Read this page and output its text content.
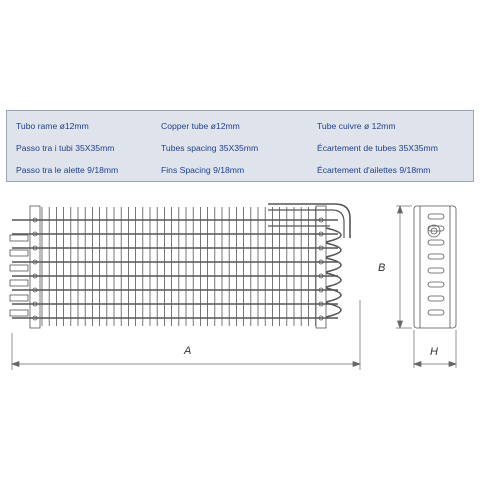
Tubo rame ø12mm	Copper tube ø12mm	Tube cuivre ø 12mm
Passo tra i tubi 35X35mm	Tubes spacing 35X35mm	Écartement de tubes 35X35mm
Passo tra le alette 9/18mm	Fins Spacing 9/18mm	Écartement d'ailettes 9/18mm
A
B
H
